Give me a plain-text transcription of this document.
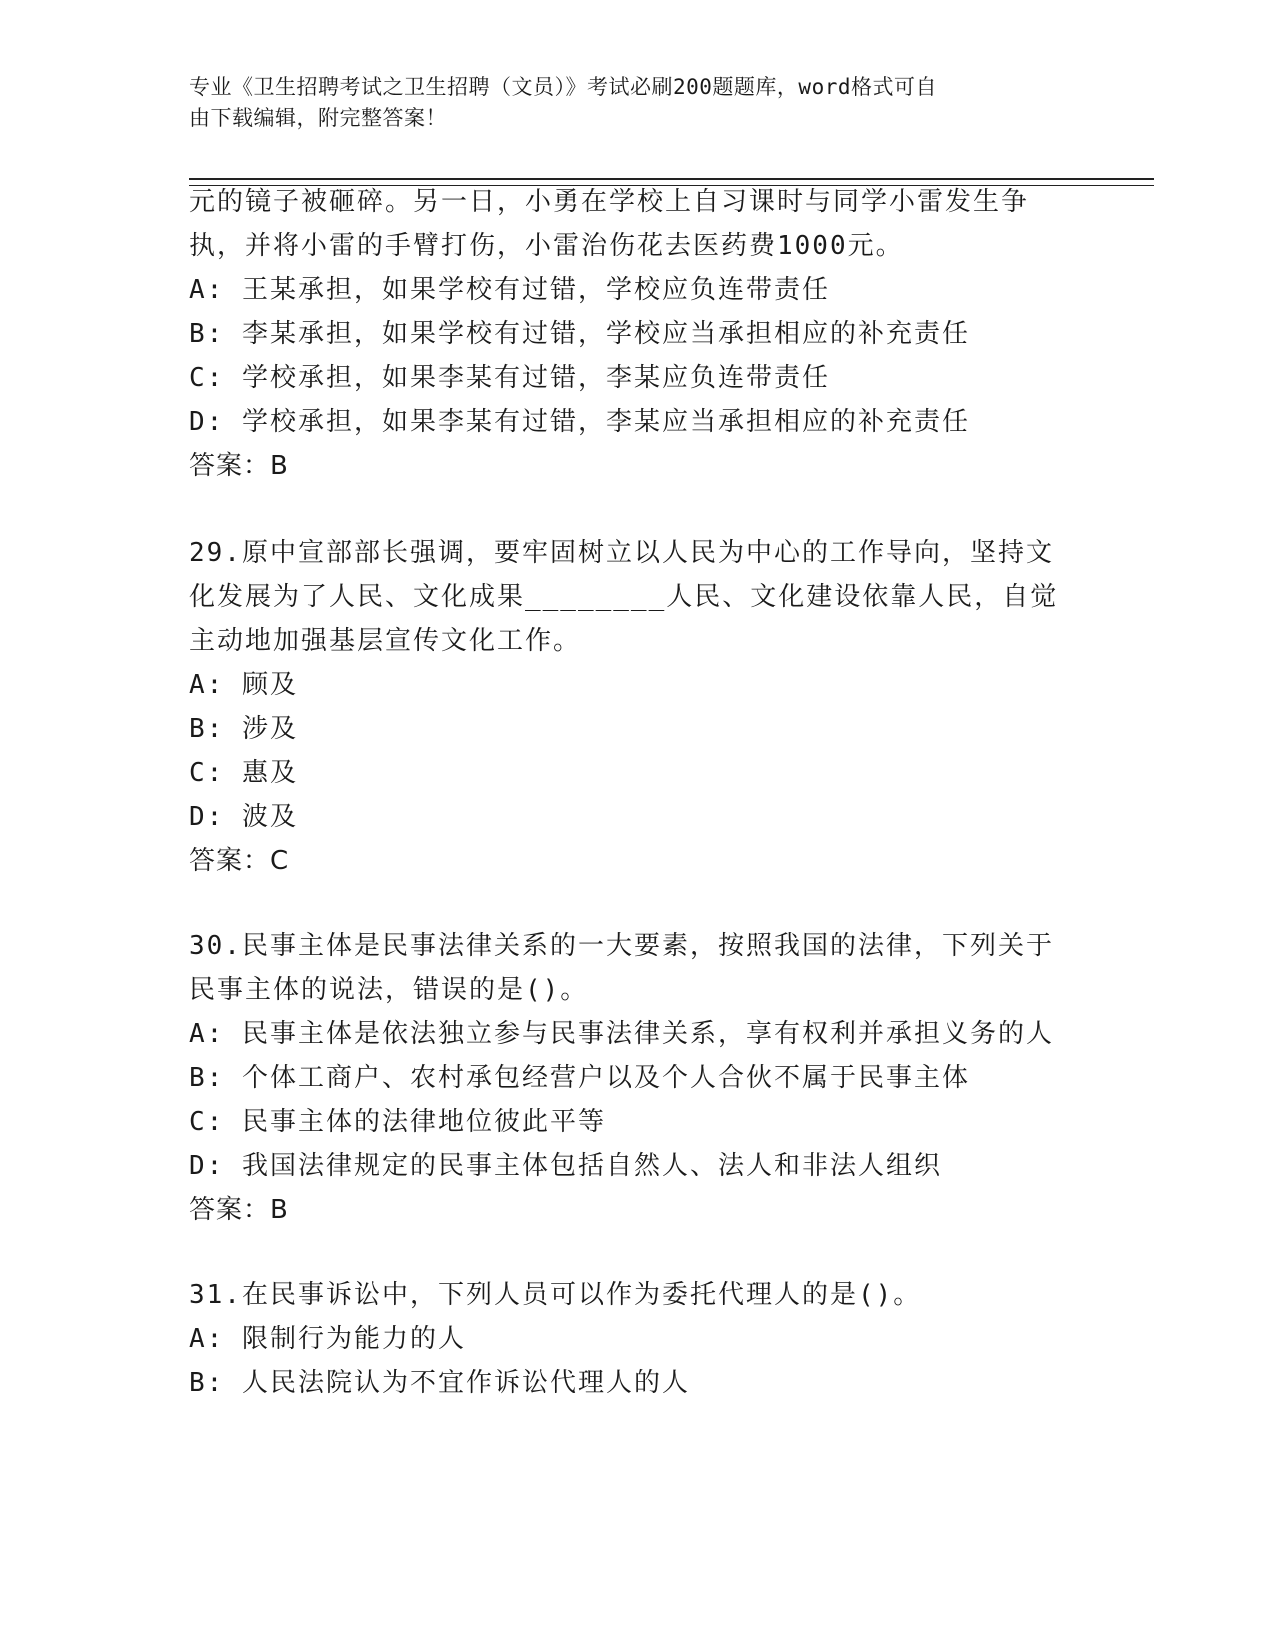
专业《卫生招聘考试之卫生招聘（文员）》考试必刷200题题库，word格式可自
由下载编辑，附完整答案！
元的镜子被砸碎。另一日，小勇在学校上自习课时与同学小雷发生争
执，并将小雷的手臂打伤，小雷治伤花去医药费1000元。
A: 王某承担，如果学校有过错，学校应负连带责任
B: 李某承担，如果学校有过错，学校应当承担相应的补充责任
C: 学校承担，如果李某有过错，李某应负连带责任
D: 学校承担，如果李某有过错，李某应当承担相应的补充责任
答案：B
29.原中宣部部长强调，要牢固树立以人民为中心的工作导向，坚持文
化发展为了人民、文化成果________人民、文化建设依靠人民，自觉
主动地加强基层宣传文化工作。
A: 顾及
B: 涉及
C: 惠及
D: 波及
答案：C
30.民事主体是民事法律关系的一大要素，按照我国的法律，下列关于
民事主体的说法，错误的是()。
A: 民事主体是依法独立参与民事法律关系，享有权利并承担义务的人
B: 个体工商户、农村承包经营户以及个人合伙不属于民事主体
C: 民事主体的法律地位彼此平等
D: 我国法律规定的民事主体包括自然人、法人和非法人组织
答案：B
31.在民事诉讼中，下列人员可以作为委托代理人的是()。
A: 限制行为能力的人
B: 人民法院认为不宜作诉讼代理人的人
